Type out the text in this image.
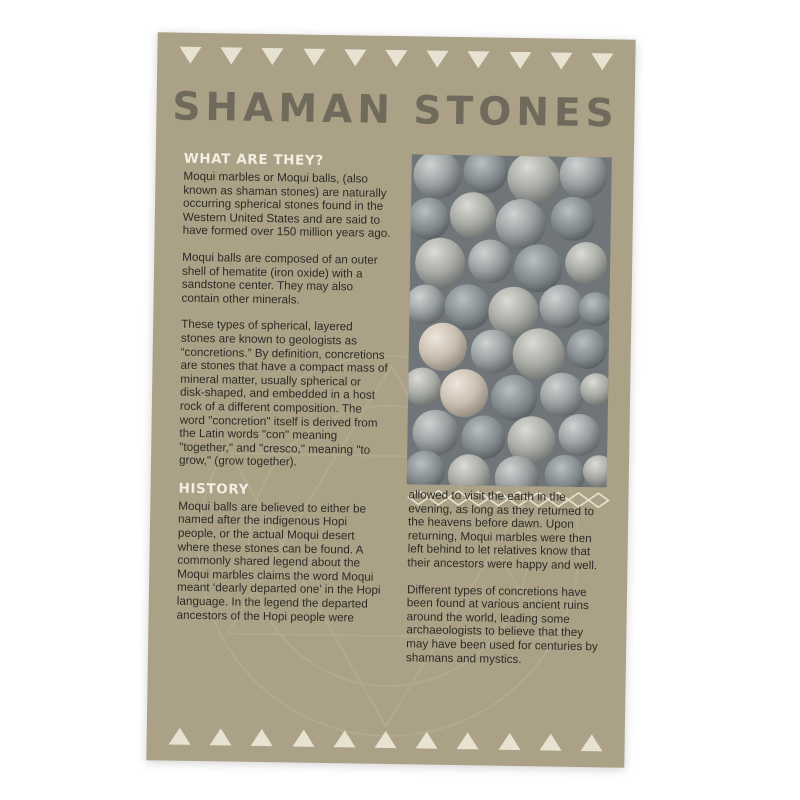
SHAMAN STONES
WHAT ARE THEY?

Moqui marbles or Moqui balls, (also known as shaman stones) are naturally occurring spherical stones found in the Western United States and are said to have formed over 150 million years ago.

Moqui balls are composed of an outer shell of hematite (iron oxide) with a sandstone center. They may also contain other minerals.

These types of spherical, layered stones are known to geologists as “concretions.” By definition, concretions are stones that have a compact mass of mineral matter, usually spherical or disk-shaped, and embedded in a host rock of a different composition. The word "concretion" itself is derived from the Latin words "con" meaning "together," and "cresco," meaning "to grow," (grow together).

HISTORY

Moqui balls are believed to either be named after the indigenous Hopi people, or the actual Moqui desert where these stones can be found. A commonly shared legend about the Moqui marbles claims the word Moqui meant ‘dearly departed one’ in the Hopi language. In the legend the departed ancestors of the Hopi people were

allowed to visit the earth in the evening, as long as they returned to the heavens before dawn. Upon returning, Moqui marbles were then left behind to let relatives know that their ancestors were happy and well.

Different types of concretions have been found at various ancient ruins around the world, leading some archaeologists to believe that they may have been used for centuries by shamans and mystics.
